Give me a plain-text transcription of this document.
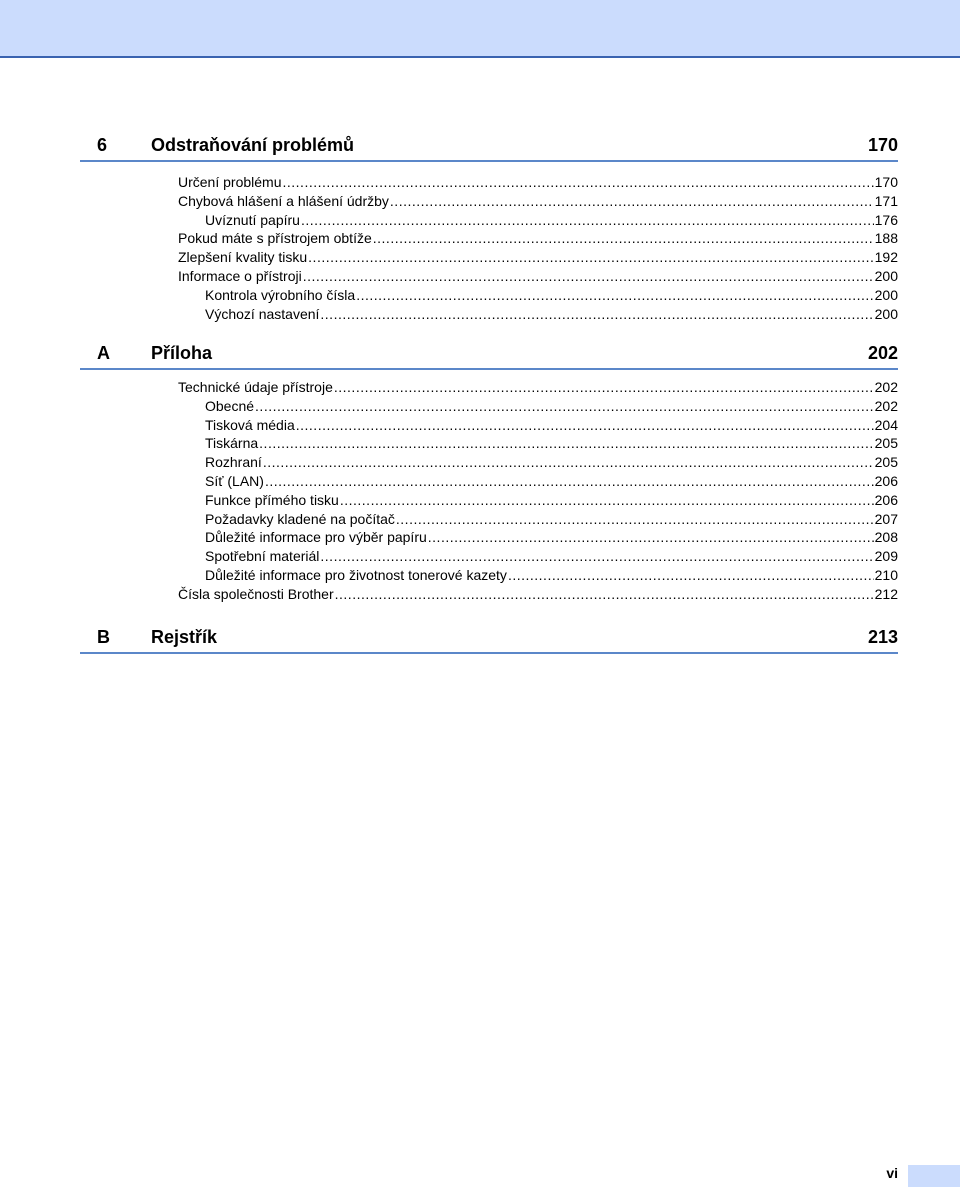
6 Odstraňování problémů	170
Určení problému .....	170
Chybová hlášení a hlášení údržby .....	171
Uvíznutí papíru .....	176
Pokud máte s přístrojem obtíže .....	188
Zlepšení kvality tisku .....	192
Informace o přístroji .....	200
Kontrola výrobního čísla .....	200
Výchozí nastavení .....	200
A Příloha	202
Technické údaje přístroje .....	202
Obecné .....	202
Tisková média .....	204
Tiskárna .....	205
Rozhraní .....	205
Síť (LAN) .....	206
Funkce přímého tisku .....	206
Požadavky kladené na počítač .....	207
Důležité informace pro výběr papíru .....	208
Spotřební materiál .....	209
Důležité informace pro životnost tonerové kazety .....	210
Čísla společnosti Brother .....	212
B Rejstřík	213
vi
